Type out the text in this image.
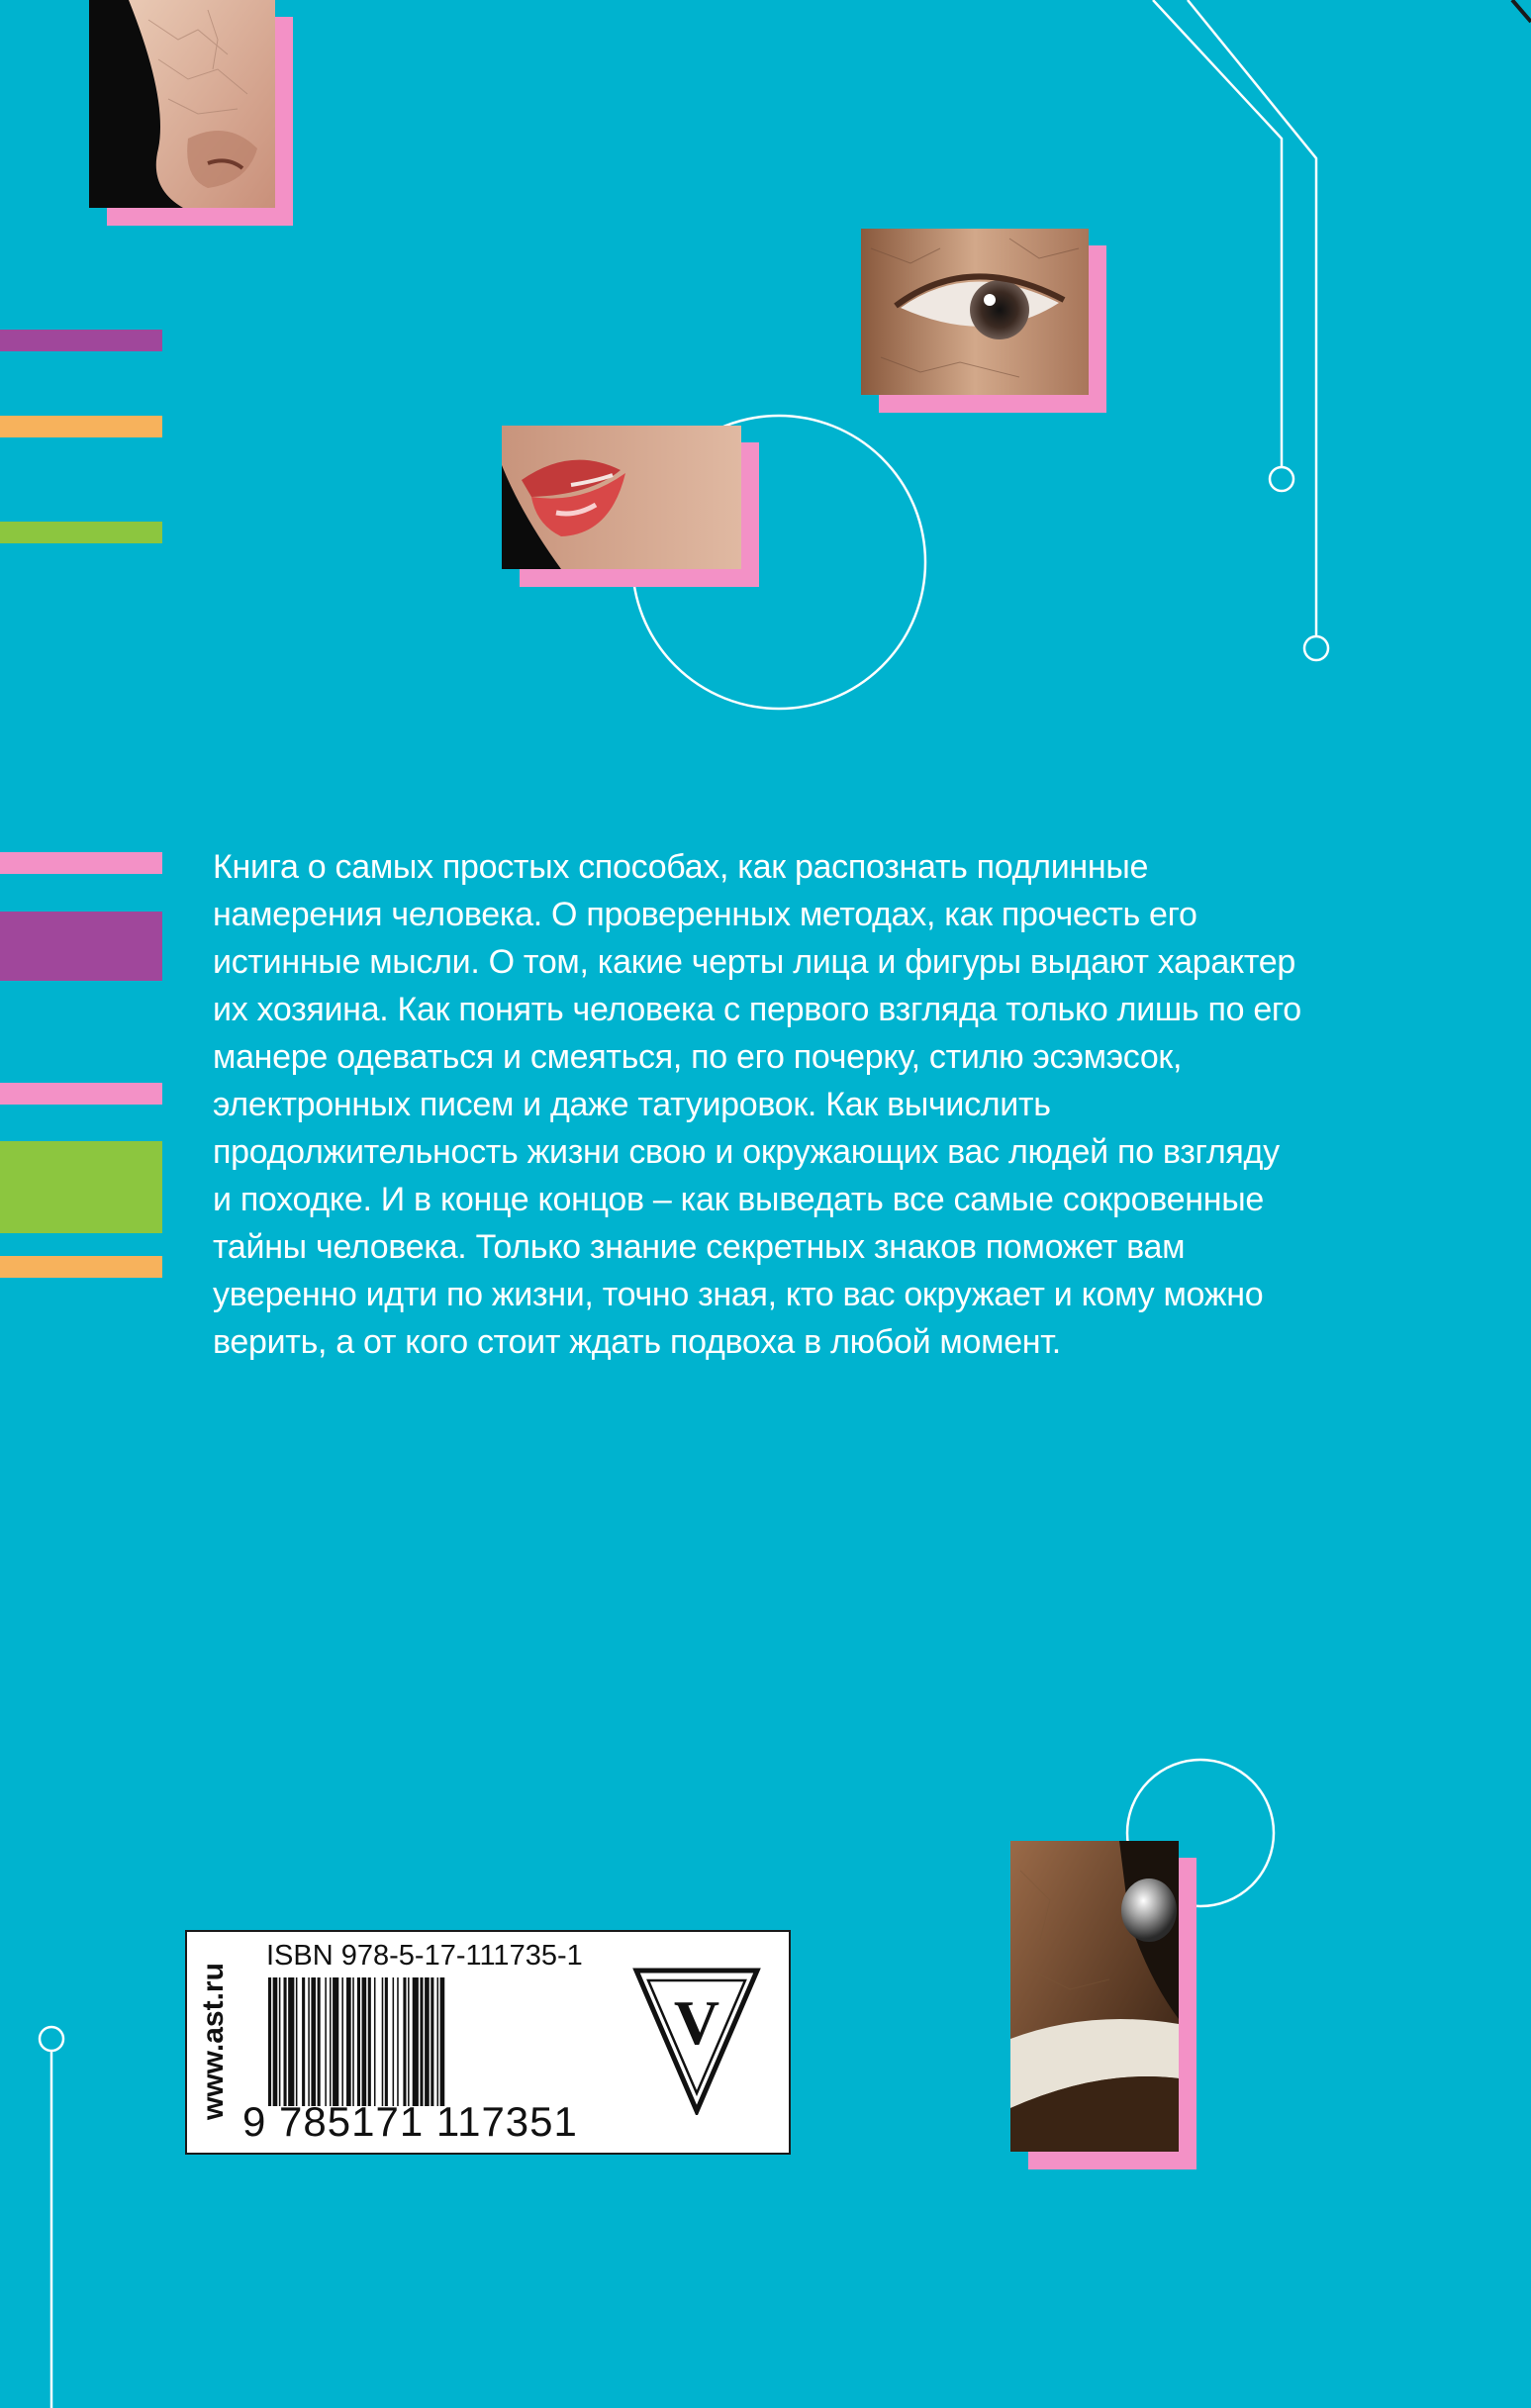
Книга о самых простых способах, как распознать подлинные
намерения человека. О проверенных методах, как прочесть его
истинные мысли. О том, какие черты лица и фигуры выдают характер
их хозяина. Как понять человека с первого взгляда только лишь по его
манере одеваться и смеяться, по его почерку, стилю эсэмэсок,
электронных писем и даже татуировок. Как вычислить
продолжительность жизни свою и окружающих вас людей по взгляду
и походке. И в конце концов – как выведать все самые сокровенные
тайны человека. Только знание секретных знаков поможет вам
уверенно идти по жизни, точно зная, кто вас окружает и кому можно
верить, а от кого стоит ждать подвоха в любой момент.

www.ast.ru
ISBN 978-5-17-111735-1
9 785171 117351
V
